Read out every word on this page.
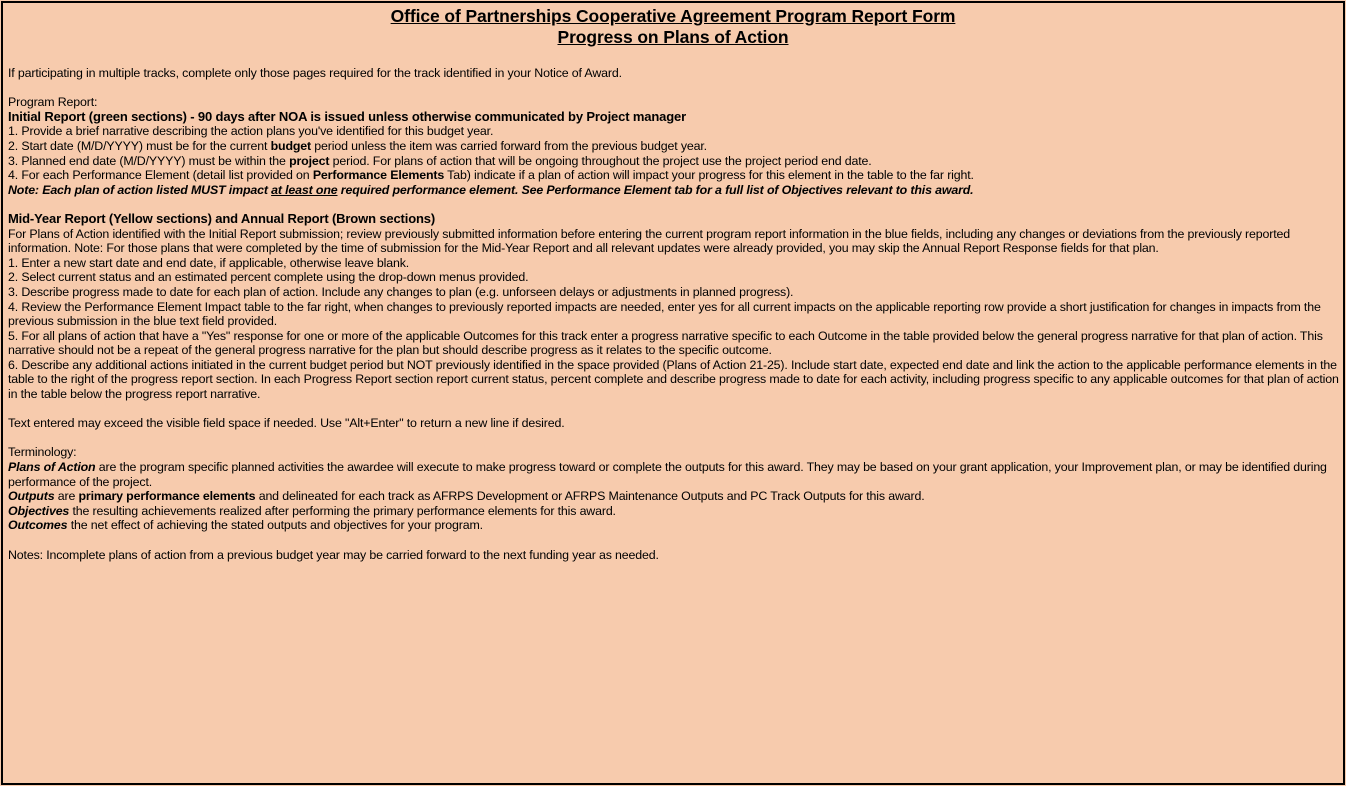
Office of Partnerships Cooperative Agreement Program Report Form
Progress on Plans of Action

If participating in multiple tracks, complete only those pages required for the track identified in your Notice of Award.

Program Report:

Initial Report (green sections) - 90 days after NOA is issued unless otherwise communicated by Project manager

1. Provide a brief narrative describing the action plans you've identified for this budget year.

2. Start date (M/D/YYYY) must be for the current budget period unless the item was carried forward from the previous budget year.

3. Planned end date (M/D/YYYY) must be within the project period. For plans of action that will be ongoing throughout the project use the project period end date.

4. For each Performance Element (detail list provided on Performance Elements Tab) indicate if a plan of action will impact your progress for this element in the table to the far right.

Note: Each plan of action listed MUST impact at least one required performance element. See Performance Element tab for a full list of Objectives relevant to this award.

Mid-Year Report (Yellow sections) and Annual Report (Brown sections)

For Plans of Action identified with the Initial Report submission; review previously submitted information before entering the current program report information in the blue fields, including any changes or deviations from the previously reported information. Note: For those plans that were completed by the time of submission for the Mid-Year Report and all relevant updates were already provided, you may skip the Annual Report Response fields for that plan.

1. Enter a new start date and end date, if applicable, otherwise leave blank.

2. Select current status and an estimated percent complete using the drop-down menus provided.

3. Describe progress made to date for each plan of action. Include any changes to plan (e.g. unforseen delays or adjustments in planned progress).

4. Review the Performance Element Impact table to the far right, when changes to previously reported impacts are needed, enter yes for all current impacts on the applicable reporting row provide a short justification for changes in impacts from the previous submission in the blue text field provided.

5. For all plans of action that have a "Yes" response for one or more of the applicable Outcomes for this track enter a progress narrative specific to each Outcome in the table provided below the general progress narrative for that plan of action. This narrative should not be a repeat of the general progress narrative for the plan but should describe progress as it relates to the specific outcome.

6. Describe any additional actions initiated in the current budget period but NOT previously identified in the space provided (Plans of Action 21-25). Include start date, expected end date and link the action to the applicable performance elements in the table to the right of the progress report section. In each Progress Report section report current status, percent complete and describe progress made to date for each activity, including progress specific to any applicable outcomes for that plan of action in the table below the progress report narrative.

Text entered may exceed the visible field space if needed. Use "Alt+Enter" to return a new line if desired.

Terminology:

Plans of Action are the program specific planned activities the awardee will execute to make progress toward or complete the outputs for this award. They may be based on your grant application, your Improvement plan, or may be identified during performance of the project.

Outputs are primary performance elements and delineated for each track as AFRPS Development or AFRPS Maintenance Outputs and PC Track Outputs for this award.

Objectives the resulting achievements realized after performing the primary performance elements for this award.

Outcomes the net effect of achieving the stated outputs and objectives for your program.

Notes: Incomplete plans of action from a previous budget year may be carried forward to the next funding year as needed.
